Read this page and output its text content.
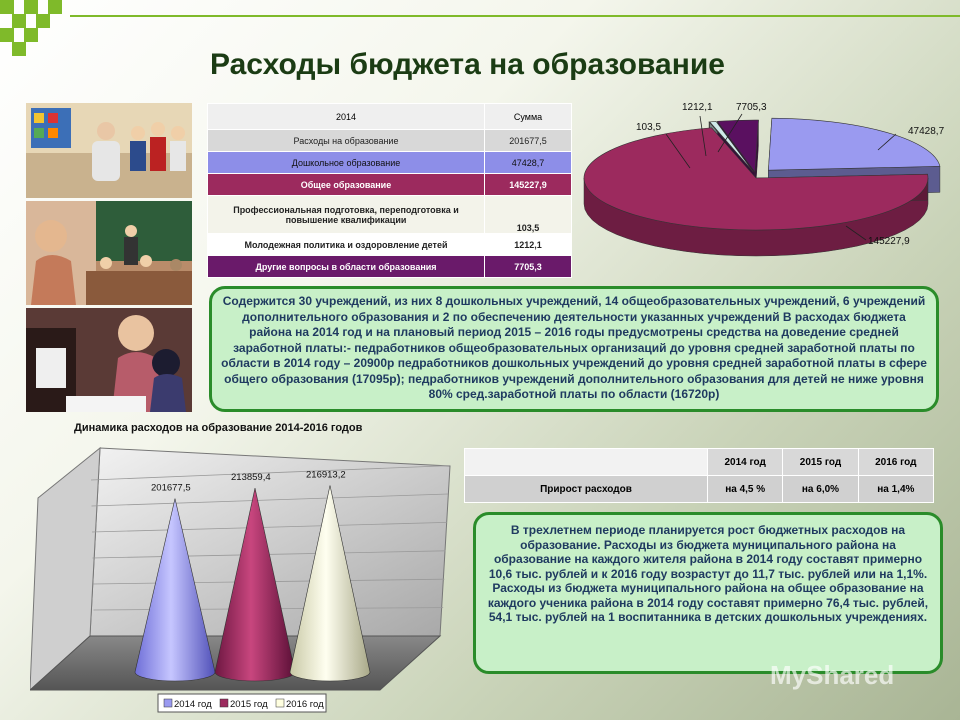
Расходы бюджета на образование
2014	Сумма
Расходы на образование	201677,5
Дошкольное образование	47428,7
Общее образование	145227,9
Профессиональная подготовка, переподготовка и повышение квалификации	103,5
Молодежная политика и оздоровление детей	1212,1
Другие вопросы в области образования	7705,3
47428,7
145227,9
103,5
1212,1 7705,3
Содержится 30 учреждений, из них 8 дошкольных учреждений, 14 общеобразовательных учреждений, 6 учреждений дополнительного образования и 2 по обеспечению деятельности указанных учреждений В расходах бюджета района на 2014 год и на плановый период 2015 – 2016 годы предусмотрены средства на доведение средней заработной платы:- педработников общеобразовательных организаций до уровня средней заработной платы по области в 2014 году – 20900р педработников дошкольных учреждений до уровня средней заработной платы в сфере общего образования (17095р); педработников учреждений дополнительного образования для детей не ниже уровня 80% сред.заработной платы по области (16720р)
Динамика расходов на образование 2014-2016 годов
201677,5
213859,4	216913,2
2014 год 2015 год 2016 год
	2014 год	2015 год	2016 год
Прирост расходов	на 4,5 %	на 6,0%	на 1,4%
В трехлетнем периоде планируется рост бюджетных расходов на образование. Расходы из бюджета муниципального района на образование на каждого жителя района в 2014 году составят примерно 10,6 тыс. рублей и к 2016 году возрастут до 11,7 тыс. рублей или на 1,1%. Расходы из бюджета муниципального района на общее образование на каждого ученика района в 2014 году составят примерно 76,4 тыс. рублей, 54,1 тыс. рублей на 1 воспитанника в детских дошкольных учреждениях.
MyShared
